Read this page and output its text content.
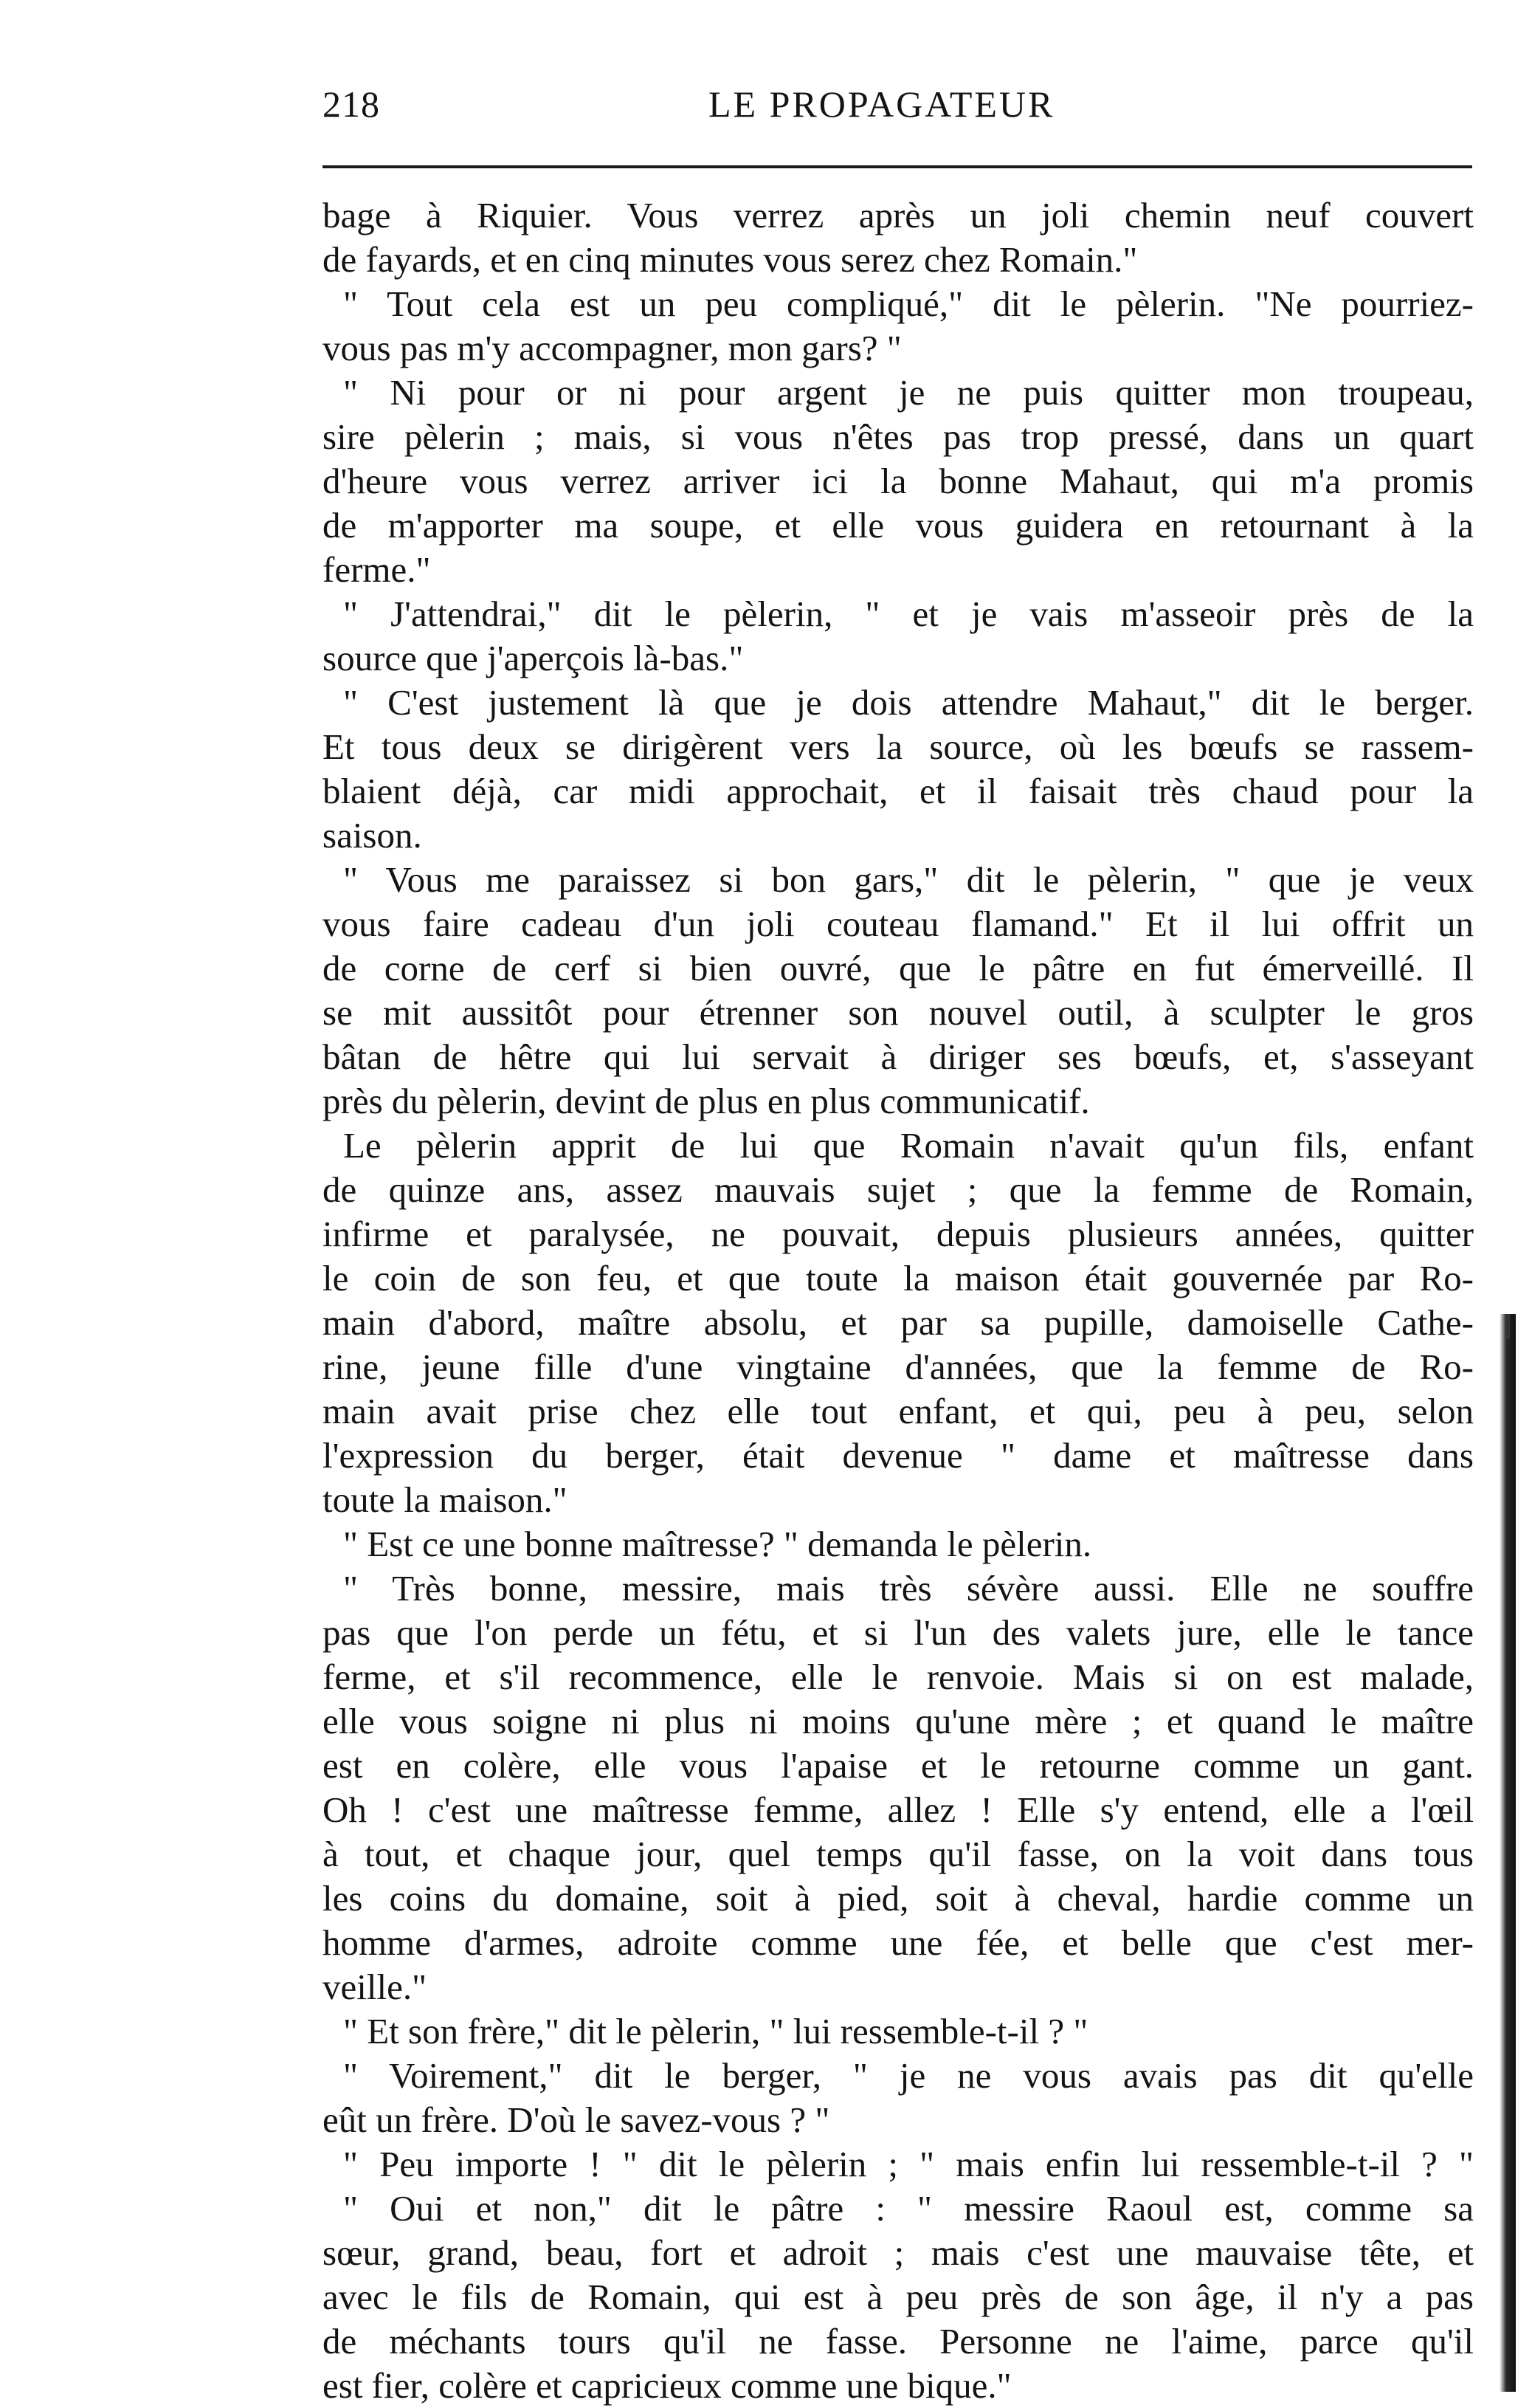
218	LE PROPAGATEUR
bage à Riquier. Vous verrez après un joli chemin neuf couvert
de fayards, et en cinq minutes vous serez chez Romain."
" Tout cela est un peu compliqué," dit le pèlerin. "Ne pourriez-
vous pas m'y accompagner, mon gars? "
" Ni pour or ni pour argent je ne puis quitter mon troupeau,
sire pèlerin ; mais, si vous n'êtes pas trop pressé, dans un quart
d'heure vous verrez arriver ici la bonne Mahaut, qui m'a promis
de m'apporter ma soupe, et elle vous guidera en retournant à la
ferme."
" J'attendrai," dit le pèlerin, " et je vais m'asseoir près de la
source que j'aperçois là-bas."
" C'est justement là que je dois attendre Mahaut," dit le berger.
Et tous deux se dirigèrent vers la source, où les bœufs se rassem-
blaient déjà, car midi approchait, et il faisait très chaud pour la
saison.
" Vous me paraissez si bon gars," dit le pèlerin, " que je veux
vous faire cadeau d'un joli couteau flamand." Et il lui offrit un
de corne de cerf si bien ouvré, que le pâtre en fut émerveillé. Il
se mit aussitôt pour étrenner son nouvel outil, à sculpter le gros
bâtan de hêtre qui lui servait à diriger ses bœufs, et, s'asseyant
près du pèlerin, devint de plus en plus communicatif.
Le pèlerin apprit de lui que Romain n'avait qu'un fils, enfant
de quinze ans, assez mauvais sujet ; que la femme de Romain,
infirme et paralysée, ne pouvait, depuis plusieurs années, quitter
le coin de son feu, et que toute la maison était gouvernée par Ro-
main d'abord, maître absolu, et par sa pupille, damoiselle Cathe-
rine, jeune fille d'une vingtaine d'années, que la femme de Ro-
main avait prise chez elle tout enfant, et qui, peu à peu, selon
l'expression du berger, était devenue " dame et maîtresse dans
toute la maison."
" Est ce une bonne maîtresse? " demanda le pèlerin.
" Très bonne, messire, mais très sévère aussi. Elle ne souffre
pas que l'on perde un fétu, et si l'un des valets jure, elle le tance
ferme, et s'il recommence, elle le renvoie. Mais si on est malade,
elle vous soigne ni plus ni moins qu'une mère ; et quand le maître
est en colère, elle vous l'apaise et le retourne comme un gant.
Oh ! c'est une maîtresse femme, allez ! Elle s'y entend, elle a l'œil
à tout, et chaque jour, quel temps qu'il fasse, on la voit dans tous
les coins du domaine, soit à pied, soit à cheval, hardie comme un
homme d'armes, adroite comme une fée, et belle que c'est mer-
veille."
" Et son frère," dit le pèlerin, " lui ressemble-t-il ? "
" Voirement," dit le berger, " je ne vous avais pas dit qu'elle
eût un frère. D'où le savez-vous ? "
" Peu importe ! " dit le pèlerin ; " mais enfin lui ressemble-t-il ? "
" Oui et non," dit le pâtre : " messire Raoul est, comme sa
sœur, grand, beau, fort et adroit ; mais c'est une mauvaise tête, et
avec le fils de Romain, qui est à peu près de son âge, il n'y a pas
de méchants tours qu'il ne fasse. Personne ne l'aime, parce qu'il
est fier, colère et capricieux comme une bique."
